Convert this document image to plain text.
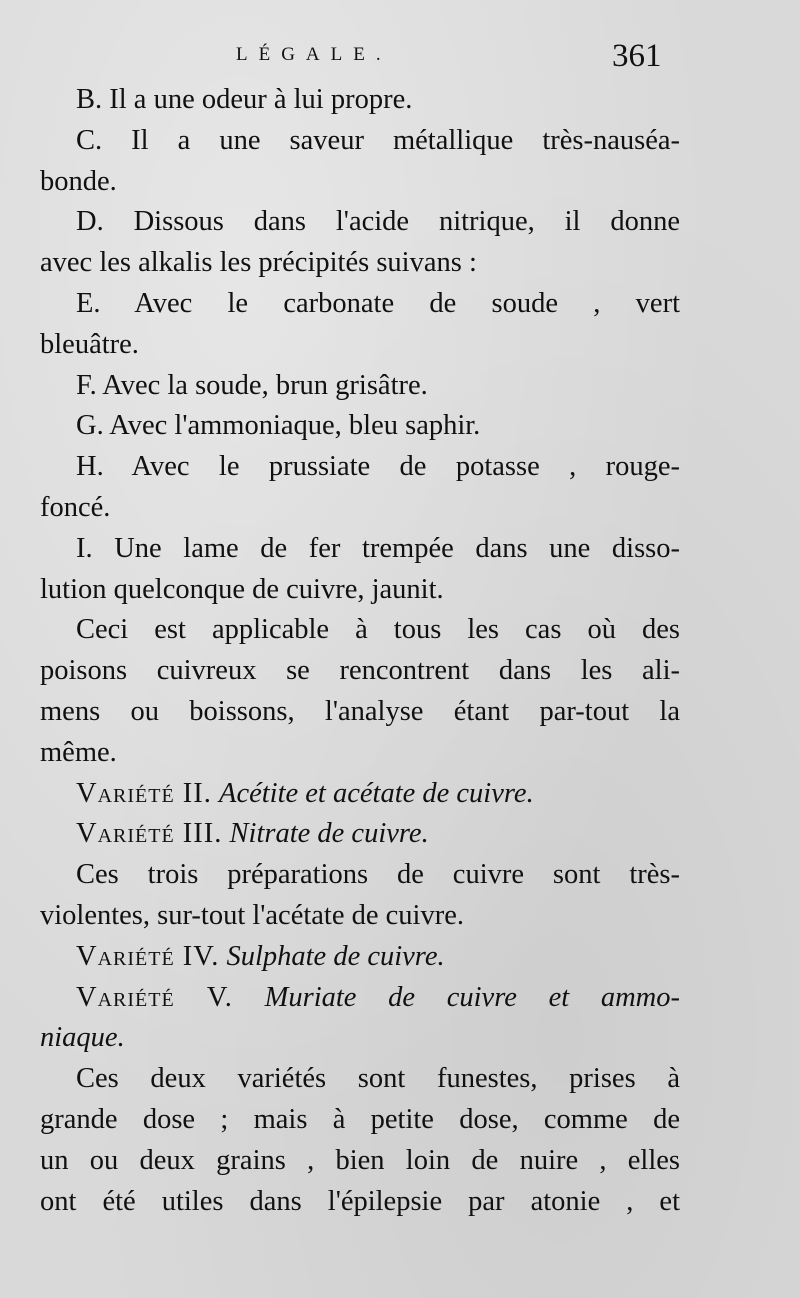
LÉGALE.	361
B. Il a une odeur à lui propre.
C. Il a une saveur métallique très-nauséa-
bonde.
D. Dissous dans l'acide nitrique, il donne
avec les alkalis les précipités suivans :
E. Avec le carbonate de soude , vert
bleuâtre.
F. Avec la soude, brun grisâtre.
G. Avec l'ammoniaque, bleu saphir.
H. Avec le prussiate de potasse , rouge-
foncé.
I. Une lame de fer trempée dans une disso-
lution quelconque de cuivre, jaunit.
Ceci est applicable à tous les cas où des
poisons cuivreux se rencontrent dans les ali-
mens ou boissons, l'analyse étant par-tout la
même.
Variété II. Acétite et acétate de cuivre.
Variété III. Nitrate de cuivre.
Ces trois préparations de cuivre sont très-
violentes, sur-tout l'acétate de cuivre.
Variété IV. Sulphate de cuivre.
Variété V. Muriate de cuivre et ammo-
niaque.
Ces deux variétés sont funestes, prises à
grande dose ; mais à petite dose, comme de
un ou deux grains , bien loin de nuire , elles
ont été utiles dans l'épilepsie par atonie , et
